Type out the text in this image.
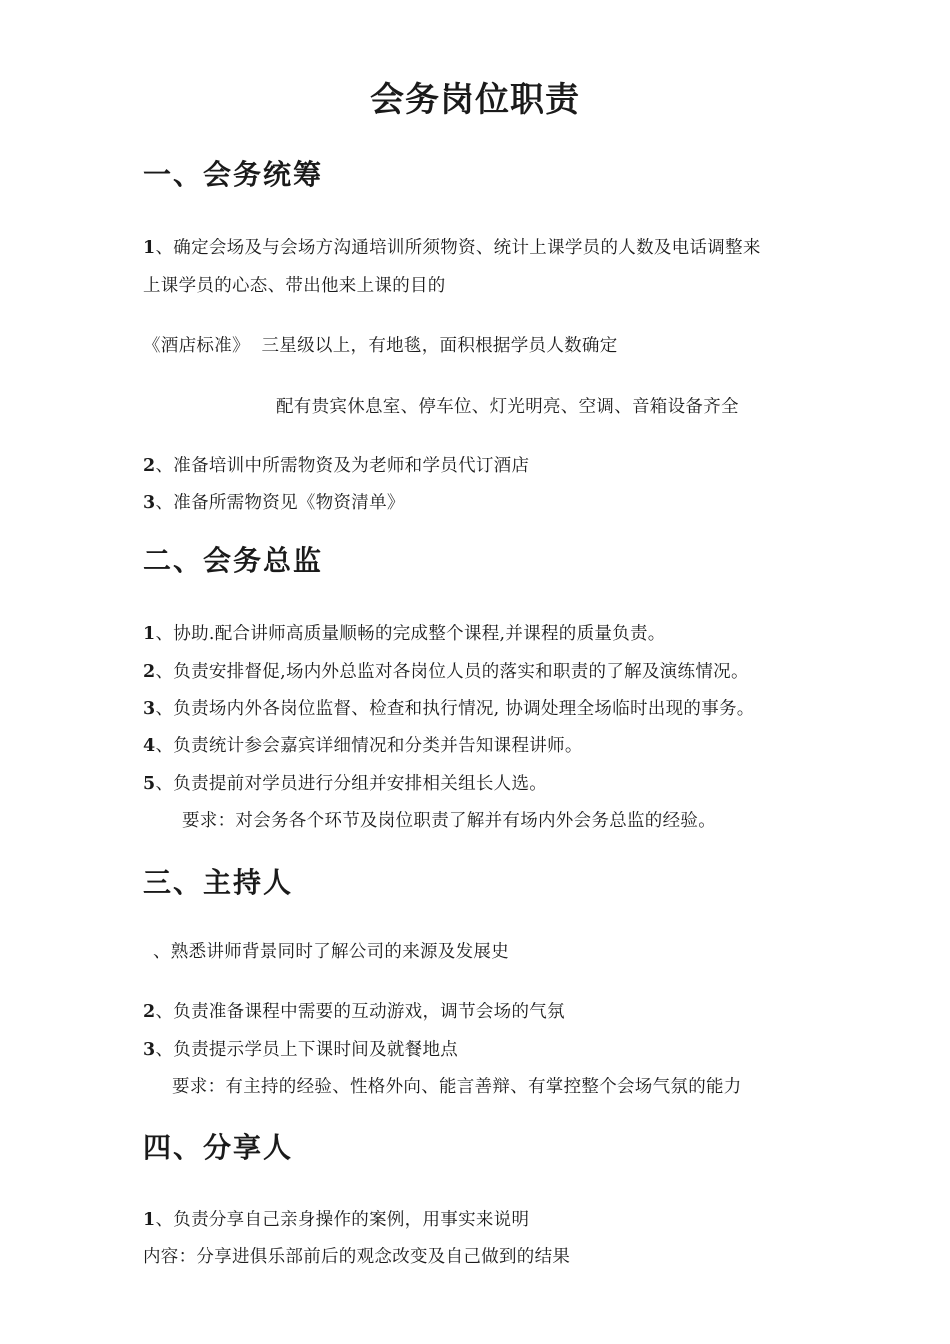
会务岗位职责
一、会务统筹

1、确定会场及与会场方沟通培训所须物资、统计上课学员的人数及电话调整来

上课学员的心态、带出他来上课的目的

《酒店标准》  三星级以上，有地毯，面积根据学员人数确定

配有贵宾休息室、停车位、灯光明亮、空调、音箱设备齐全

2、准备培训中所需物资及为老师和学员代订酒店

3、准备所需物资见《物资清单》

二、会务总监

1、协助.配合讲师高质量顺畅的完成整个课程,并课程的质量负责。

2、负责安排督促,场内外总监对各岗位人员的落实和职责的了解及演练情况。

3、负责场内外各岗位监督、检查和执行情况, 协调处理全场临时出现的事务。

4、负责统计参会嘉宾详细情况和分类并告知课程讲师。

5、负责提前对学员进行分组并安排相关组长人选。

要求：对会务各个环节及岗位职责了解并有场内外会务总监的经验。

三、主持人

、熟悉讲师背景同时了解公司的来源及发展史

2、负责准备课程中需要的互动游戏，调节会场的气氛

3、负责提示学员上下课时间及就餐地点

要求：有主持的经验、性格外向、能言善辩、有掌控整个会场气氛的能力

四、分享人

1、负责分享自己亲身操作的案例，用事实来说明

内容：分享进俱乐部前后的观念改变及自己做到的结果
